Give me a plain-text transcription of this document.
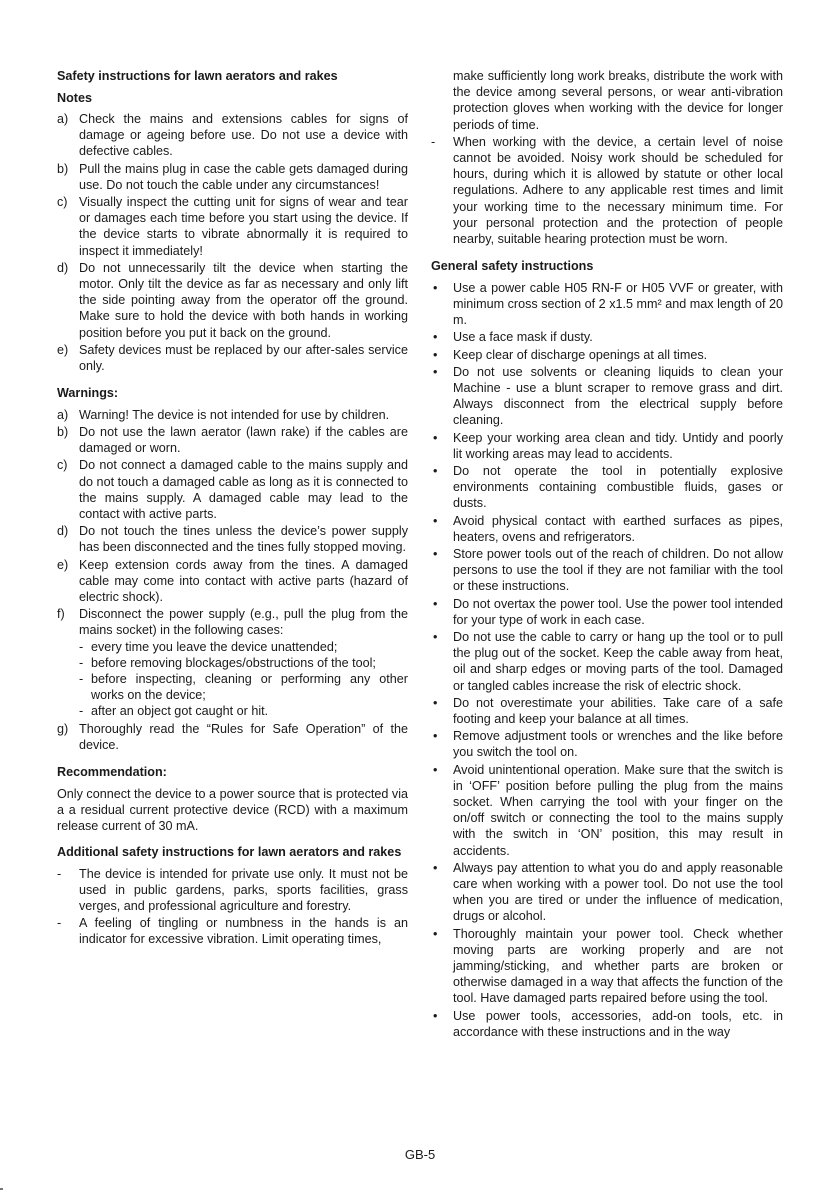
Safety instructions for lawn aerators and rakes
Notes
a) Check the mains and extensions cables for signs of damage or ageing before use. Do not use a device with defective cables.
b) Pull the mains plug in case the cable gets damaged during use. Do not touch the cable under any circumstances!
c) Visually inspect the cutting unit for signs of wear and tear or damages each time before you start using the device. If the device starts to vibrate abnormally it is required to inspect it immediately!
d) Do not unnecessarily tilt the device when starting the motor. Only tilt the device as far as necessary and only lift the side pointing away from the operator off the ground. Make sure to hold the device with both hands in working position before you put it back on the ground.
e) Safety devices must be replaced by our after-sales service only.
Warnings:
a) Warning! The device is not intended for use by children.
b) Do not use the lawn aerator (lawn rake) if the cables are damaged or worn.
c) Do not connect a damaged cable to the mains supply and do not touch a damaged cable as long as it is connected to the mains supply. A damaged cable may lead to the contact with active parts.
d) Do not touch the tines unless the device’s power supply has been disconnected and the tines fully stopped moving.
e) Keep extension cords away from the tines. A damaged cable may come into contact with active parts (hazard of electric shock).
f)	Disconnect the power supply (e.g., pull the plug from the mains socket) in the following cases:
- every time you leave the device unattended;
- before removing blockages/obstructions of the tool;
- before inspecting, cleaning or performing any other works on the device;
- after an object got caught or hit.
g) Thoroughly read the “Rules for Safe Operation” of the device.
Recommendation:

Only connect the device to a power source that is protected via a a residual current protective device (RCD) with a maximum release current of 30 mA.

Additional safety instructions for lawn aerators and rakes
-	The device is intended for private use only. It must not be used in public gardens, parks, sports facilities, grass verges, and professional agriculture and forestry.
-	A feeling of tingling or numbness in the hands is an indicator for excessive vibration. Limit operating times,
make sufficiently long work breaks, distribute the work with the device among several persons, or wear anti-vibration protection gloves when working with the device for longer periods of time.
-	When working with the device, a certain level of noise cannot be avoided. Noisy work should be scheduled for hours, during which it is allowed by statute or other local regulations. Adhere to any applicable rest times and limit your working time to the necessary minimum time. For your personal protection and the protection of people nearby, suitable hearing protection must be worn.
General safety instructions
•	Use a power cable H05 RN-F or H05 VVF or greater, with minimum cross section of 2 x1.5 mm² and max length of 20 m.
•	Use a face mask if dusty.
•	Keep clear of discharge openings at all times.
•	Do not use solvents or cleaning liquids to clean your Machine - use a blunt scraper to remove grass and dirt. Always disconnect from the electrical supply before cleaning.
•	Keep your working area clean and tidy. Untidy and poorly lit working areas may lead to accidents.
•	Do not operate the tool in potentially explosive environments containing combustible fluids, gases or dusts.
•	Avoid physical contact with earthed surfaces as pipes, heaters, ovens and refrigerators.
•	Store power tools out of the reach of children. Do not allow persons to use the tool if they are not familiar with the tool or these instructions.
•	Do not overtax the power tool. Use the power tool intended for your type of work in each case.
•	Do not use the cable to carry or hang up the tool or to pull the plug out of the socket. Keep the cable away from heat, oil and sharp edges or moving parts of the tool. Damaged or tangled cables increase the risk of electric shock.
•	Do not overestimate your abilities. Take care of a safe footing and keep your balance at all times.
•	Remove adjustment tools or wrenches and the like before you switch the tool on.
•	Avoid unintentional operation. Make sure that the switch is in ‘OFF’ position before pulling the plug from the mains socket. When carrying the tool with your finger on the on/off switch or connecting the tool to the mains supply with the switch in ‘ON’ position, this may result in accidents.
•	Always pay attention to what you do and apply reasonable care when working with a power tool. Do not use the tool when you are tired or under the influence of medication, drugs or alcohol.
•	Thoroughly maintain your power tool. Check whether moving parts are working properly and are not jamming/sticking, and whether parts are broken or otherwise damaged in a way that affects the function of the tool. Have damaged parts repaired before using the tool.
•	Use power tools, accessories, add-on tools, etc. in accordance with these instructions and in the way
GB-5
